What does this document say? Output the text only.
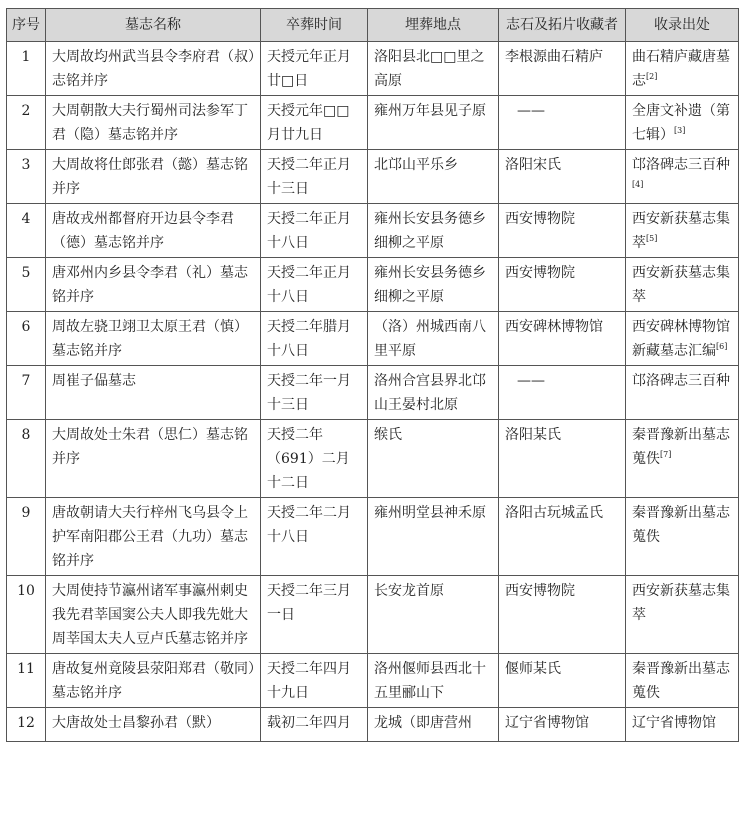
序号	墓志名称	卒葬时间	埋葬地点	志石及拓片收藏者	收录出处
1	大周故均州武当县令李府君（叔）志铭并序	天授元年正月廿□日	洛阳县北□□里之高原	李根源曲石精庐	曲石精庐藏唐墓志[2]
2	大周朝散大夫行蜀州司法参军丁君（隐）墓志铭并序	天授元年□□月廿九日	雍州万年县见子原	——	全唐文补遗（第七辑）[3]
3	大周故将仕郎张君（懿）墓志铭并序	天授二年正月十三日	北邙山平乐乡	洛阳宋氏	邙洛碑志三百种[4]
4	唐故戎州都督府开边县令李君（德）墓志铭并序	天授二年正月十八日	雍州长安县务德乡细柳之平原	西安博物院	西安新获墓志集萃[5]
5	唐邓州内乡县令李君（礼）墓志铭并序	天授二年正月十八日	雍州长安县务德乡细柳之平原	西安博物院	西安新获墓志集萃
6	周故左骁卫翊卫太原王君（慎）墓志铭并序	天授二年腊月十八日	（洛）州城西南八里平原	西安碑林博物馆	西安碑林博物馆新藏墓志汇编[6]
7	周崔子偘墓志	天授二年一月十三日	洛州合宫县界北邙山王晏村北原	——	邙洛碑志三百种
8	大周故处士朱君（思仁）墓志铭并序	天授二年（691）二月十二日	缑氏	洛阳某氏	秦晋豫新出墓志蒐佚[7]
9	唐故朝请大夫行梓州飞乌县令上护军南阳郡公王君（九功）墓志铭并序	天授二年二月十八日	雍州明堂县神禾原	洛阳古玩城孟氏	秦晋豫新出墓志蒐佚
10	大周使持节瀛州诸军事瀛州刺史我先君莘国窦公夫人即我先妣大周莘国太夫人豆卢氏墓志铭并序	天授二年三月一日	长安龙首原	西安博物院	西安新获墓志集萃
11	唐故复州竟陵县荥阳郑君（敬同）墓志铭并序	天授二年四月十九日	洛州偃师县西北十五里郦山下	偃师某氏	秦晋豫新出墓志蒐佚
12	大唐故处士昌黎孙君（默）	载初二年四月	龙城（即唐营州	辽宁省博物馆	辽宁省博物馆
